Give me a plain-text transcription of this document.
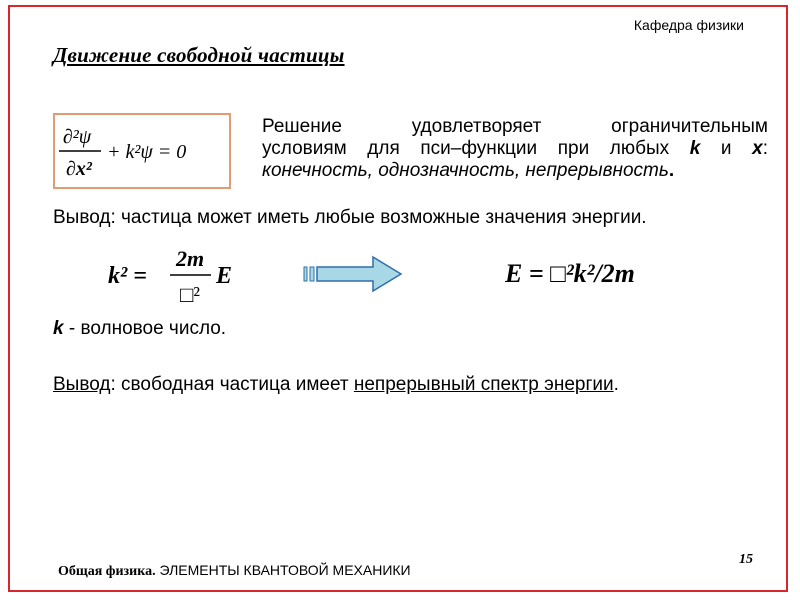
Кафедра физики
Движение свободной частицы
∂²ψ
∂x²
+ k²ψ = 0
Решение удовлетворяет ограничительным
условиям для пси–функции при любых k и x:
конечность, однозначность, непрерывность.
Вывод: частица может иметь любые возможные значения энергии.
k² =
2m
□²
E	E = □²k²/2m
k - волновое число.
Вывод: свободная частица имеет непрерывный спектр энергии.
Общая физика. ЭЛЕМЕНТЫ КВАНТОВОЙ МЕХАНИКИ
15
